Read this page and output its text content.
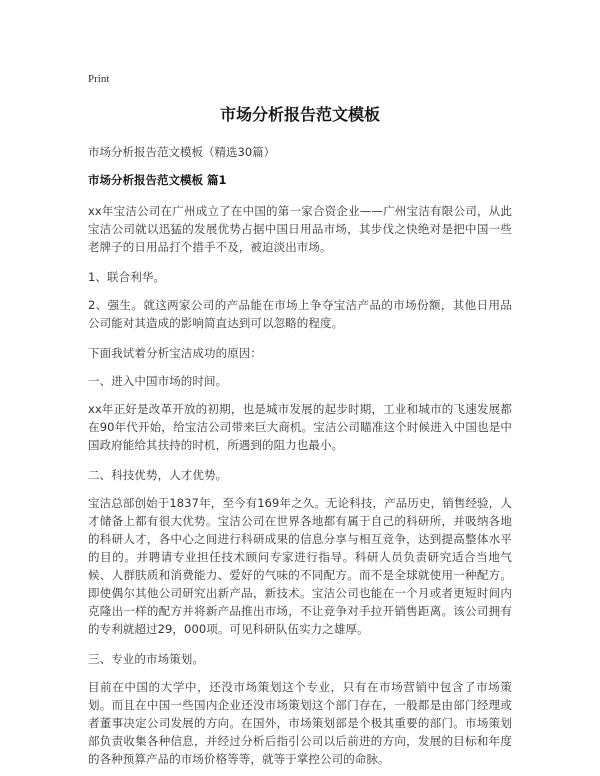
Print
市场分析报告范文模板
市场分析报告范文模板（精选30篇）
市场分析报告范文模板 篇1

xx年宝洁公司在广州成立了在中国的第一家合资企业——广州宝洁有限公司，从此宝洁公司就以迅猛的发展优势占据中国日用品市场，其步伐之快绝对是把中国一些老牌子的日用品打个措手不及，被迫淡出市场。

1、联合利华。

2、强生。就这两家公司的产品能在市场上争夺宝洁产品的市场份额，其他日用品公司能对其造成的影响简直达到可以忽略的程度。

下面我试着分析宝洁成功的原因：

一、进入中国市场的时间。

xx年正好是改革开放的初期，也是城市发展的起步时期，工业和城市的飞速发展都在90年代开始，给宝洁公司带来巨大商机。宝洁公司瞄准这个时候进入中国也是中国政府能给其扶持的时机，所遇到的阻力也最小。

二、科技优势，人才优势。

宝洁总部创始于1837年，至今有169年之久。无论科技，产品历史，销售经验，人才储备上都有很大优势。宝洁公司在世界各地都有属于自己的科研所，并吸纳各地的科研人才，各中心之间进行科研成果的信息分享与相互竞争，达到提高整体水平的目的。并聘请专业担任技术顾问专家进行指导。科研人员负责研究适合当地气候、人群肤质和消费能力、爱好的气味的不同配方。而不是全球就使用一种配方。即使偶尔其他公司研究出新产品，新技术。宝洁公司也能在一个月或者更短时间内克隆出一样的配方并将新产品推出市场，不让竞争对手拉开销售距离。该公司拥有的专利就超过29，000项。可见科研队伍实力之雄厚。

三、专业的市场策划。

目前在中国的大学中，还没市场策划这个专业，只有在市场营销中包含了市场策划。而且在中国一些国内企业还没市场策划这个部门存在，一般都是由部门经理或者董事决定公司发展的方向。在国外，市场策划部是个极其重要的部门。市场策划部负责收集各种信息，并经过分析后指引公司以后前进的方向，发展的目标和年度的各种预算产品的市场价格等等，就等于掌控公司的命脉。
